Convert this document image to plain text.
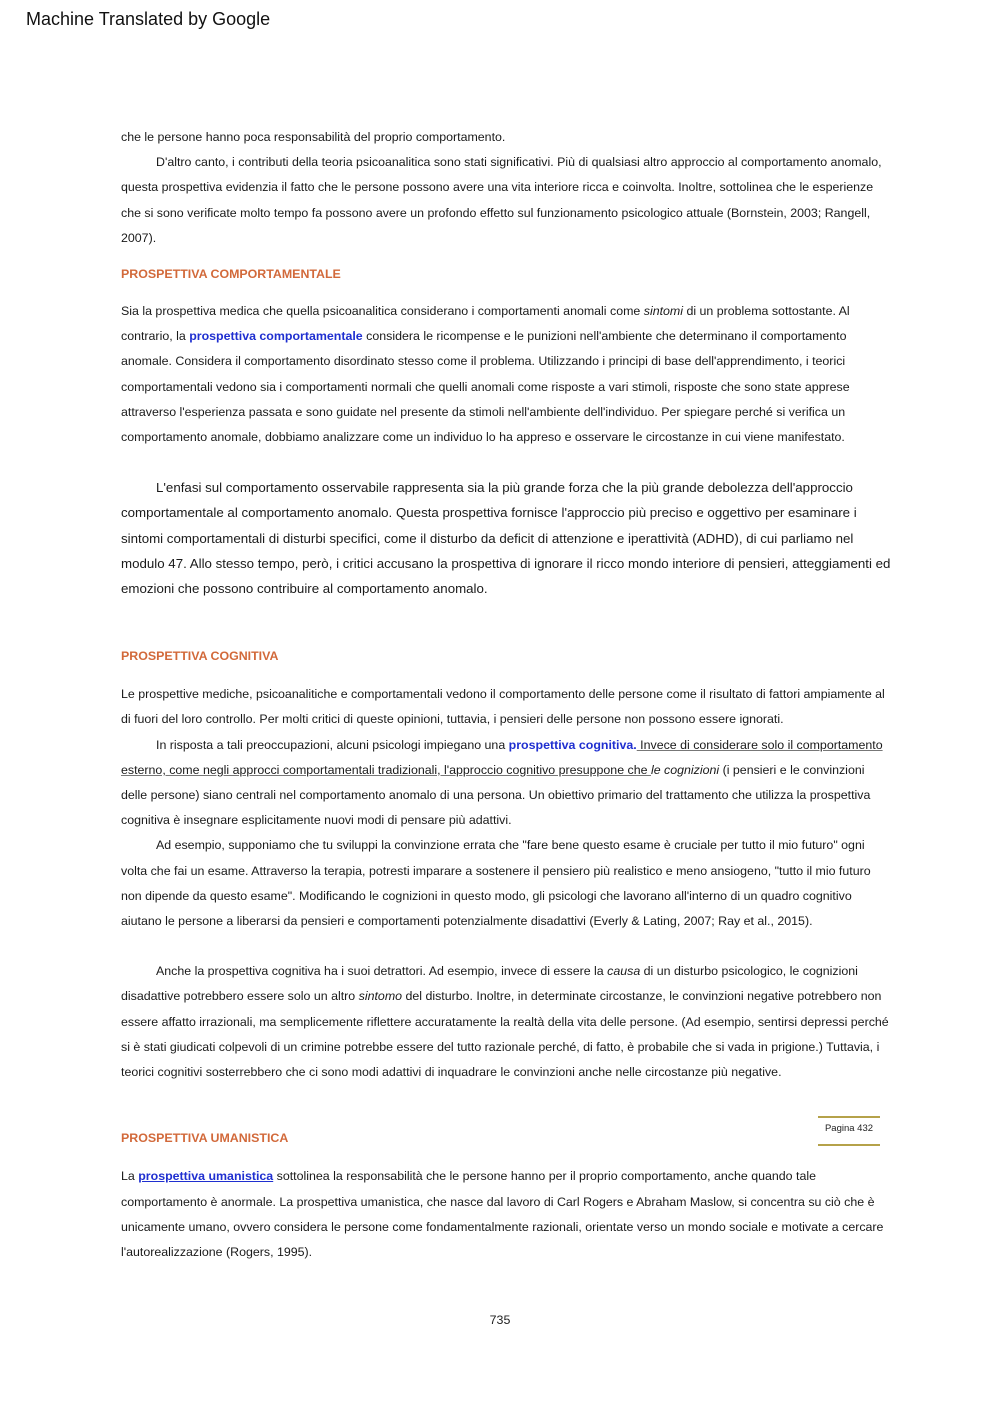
Machine Translated by Google

che le persone hanno poca responsabilità del proprio comportamento.

D'altro canto, i contributi della teoria psicoanalitica sono stati significativi. Più di qualsiasi altro approccio al comportamento anomalo, questa prospettiva evidenzia il fatto che le persone possono avere una vita interiore ricca e coinvolta. Inoltre, sottolinea che le esperienze che si sono verificate molto tempo fa possono avere un profondo effetto sul funzionamento psicologico attuale (Bornstein, 2003; Rangell, 2007).

PROSPETTIVA COMPORTAMENTALE

Sia la prospettiva medica che quella psicoanalitica considerano i comportamenti anomali come sintomi di un problema sottostante. Al contrario, la prospettiva comportamentale considera le ricompense e le punizioni nell'ambiente che determinano il comportamento anomale. Considera il comportamento disordinato stesso come il problema. Utilizzando i principi di base dell'apprendimento, i teorici comportamentali vedono sia i comportamenti normali che quelli anomali come risposte a vari stimoli, risposte che sono state apprese attraverso l'esperienza passata e sono guidate nel presente da stimoli nell'ambiente dell'individuo. Per spiegare perché si verifica un comportamento anomale, dobbiamo analizzare come un individuo lo ha appreso e osservare le circostanze in cui viene manifestato.

L'enfasi sul comportamento osservabile rappresenta sia la più grande forza che la più grande debolezza dell'approccio comportamentale al comportamento anomalo. Questa prospettiva fornisce l'approccio più preciso e oggettivo per esaminare i sintomi comportamentali di disturbi specifici, come il disturbo da deficit di attenzione e iperattività (ADHD), di cui parliamo nel modulo 47. Allo stesso tempo, però, i critici accusano la prospettiva di ignorare il ricco mondo interiore di pensieri, atteggiamenti ed emozioni che possono contribuire al comportamento anomalo.

PROSPETTIVA COGNITIVA

Le prospettive mediche, psicoanalitiche e comportamentali vedono il comportamento delle persone come il risultato di fattori ampiamente al di fuori del loro controllo. Per molti critici di queste opinioni, tuttavia, i pensieri delle persone non possono essere ignorati.

In risposta a tali preoccupazioni, alcuni psicologi impiegano una prospettiva cognitiva. Invece di considerare solo il comportamento esterno, come negli approcci comportamentali tradizionali, l'approccio cognitivo presuppone che le cognizioni (i pensieri e le convinzioni delle persone) siano centrali nel comportamento anomalo di una persona. Un obiettivo primario del trattamento che utilizza la prospettiva cognitiva è insegnare esplicitamente nuovi modi di pensare più adattivi.

Ad esempio, supponiamo che tu sviluppi la convinzione errata che "fare bene questo esame è cruciale per tutto il mio futuro" ogni volta che fai un esame. Attraverso la terapia, potresti imparare a sostenere il pensiero più realistico e meno ansiogeno, "tutto il mio futuro non dipende da questo esame". Modificando le cognizioni in questo modo, gli psicologi che lavorano all'interno di un quadro cognitivo aiutano le persone a liberarsi da pensieri e comportamenti potenzialmente disadattivi (Everly & Lating, 2007; Ray et al., 2015).

Anche la prospettiva cognitiva ha i suoi detrattori. Ad esempio, invece di essere la causa di un disturbo psicologico, le cognizioni disadattive potrebbero essere solo un altro sintomo del disturbo. Inoltre, in determinate circostanze, le convinzioni negative potrebbero non essere affatto irrazionali, ma semplicemente riflettere accuratamente la realtà della vita delle persone. (Ad esempio, sentirsi depressi perché si è stati giudicati colpevoli di un crimine potrebbe essere del tutto razionale perché, di fatto, è probabile che si vada in prigione.) Tuttavia, i teorici cognitivi sosterrebbero che ci sono modi adattivi di inquadrare le convinzioni anche nelle circostanze più negative.

PROSPETTIVA UMANISTICA

La prospettiva umanistica sottolinea la responsabilità che le persone hanno per il proprio comportamento, anche quando tale comportamento è anormale. La prospettiva umanistica, che nasce dal lavoro di Carl Rogers e Abraham Maslow, si concentra su ciò che è unicamente umano, ovvero considera le persone come fondamentalmente razionali, orientate verso un mondo sociale e motivate a cercare l'autorealizzazione (Rogers, 1995).

Pagina 432
735
